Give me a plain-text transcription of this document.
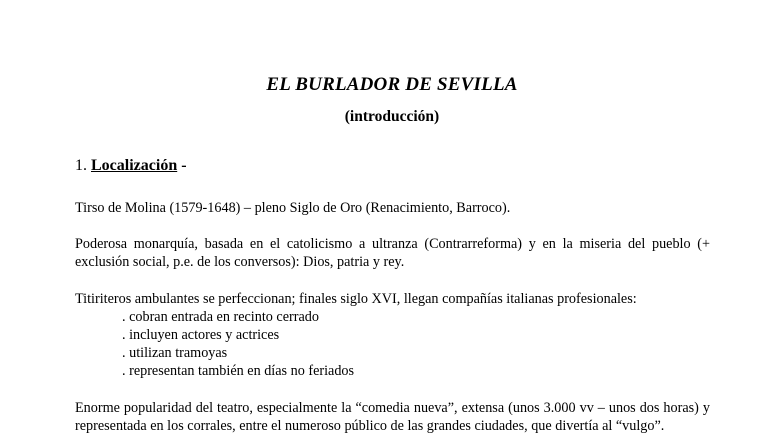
EL BURLADOR DE SEVILLA
(introducción)
1. Localización -
Tirso de Molina (1579-1648) – pleno Siglo de Oro (Renacimiento, Barroco).
Poderosa monarquía, basada en el catolicismo a ultranza (Contrarreforma) y en la miseria del pueblo (+ exclusión social, p.e. de los conversos): Dios, patria y rey.
Titiriteros ambulantes se perfeccionan; finales siglo XVI, llegan compañías italianas profesionales:
. cobran entrada en recinto cerrado
. incluyen actores y actrices
. utilizan tramoyas
. representan también en días no feriados
Enorme popularidad del teatro, especialmente la “comedia nueva”, extensa (unos 3.000 vv – unos dos horas) y representada en los corrales, entre el numeroso público de las grandes ciudades, que divertía al “vulgo”.
